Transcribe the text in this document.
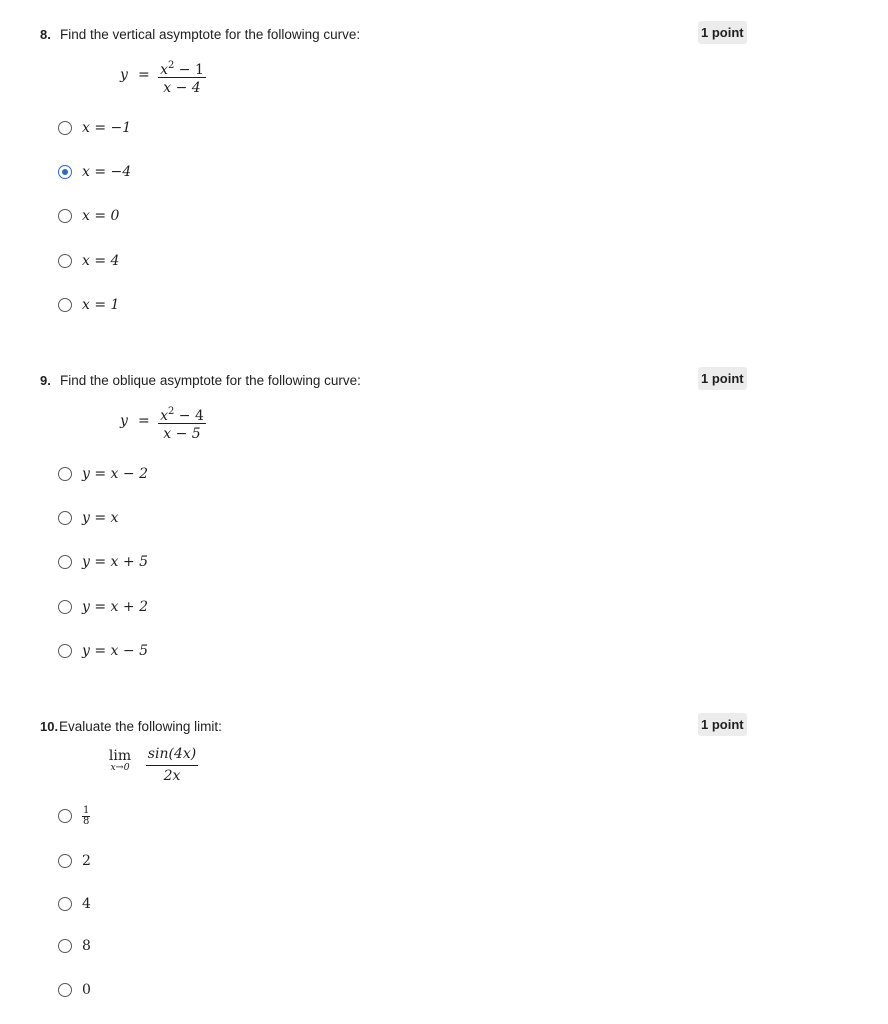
8. Find the vertical asymptote for the following curve:	1 point
$y = x^2 - 1$
x − 4
x = −1
x = −4
x = 0
x = 4
x = 1
9. Find the oblique asymptote for the following curve:	1 point
$y = x^2 - 4$
x − 5
y = x − 2
y = x
y = x + 5
y = x + 2
y = x − 5
10. Evaluate the following limit:	1 point
lim
x→0
sin(4x)
2x
$\frac{1}{8}$
2
4
8
0
